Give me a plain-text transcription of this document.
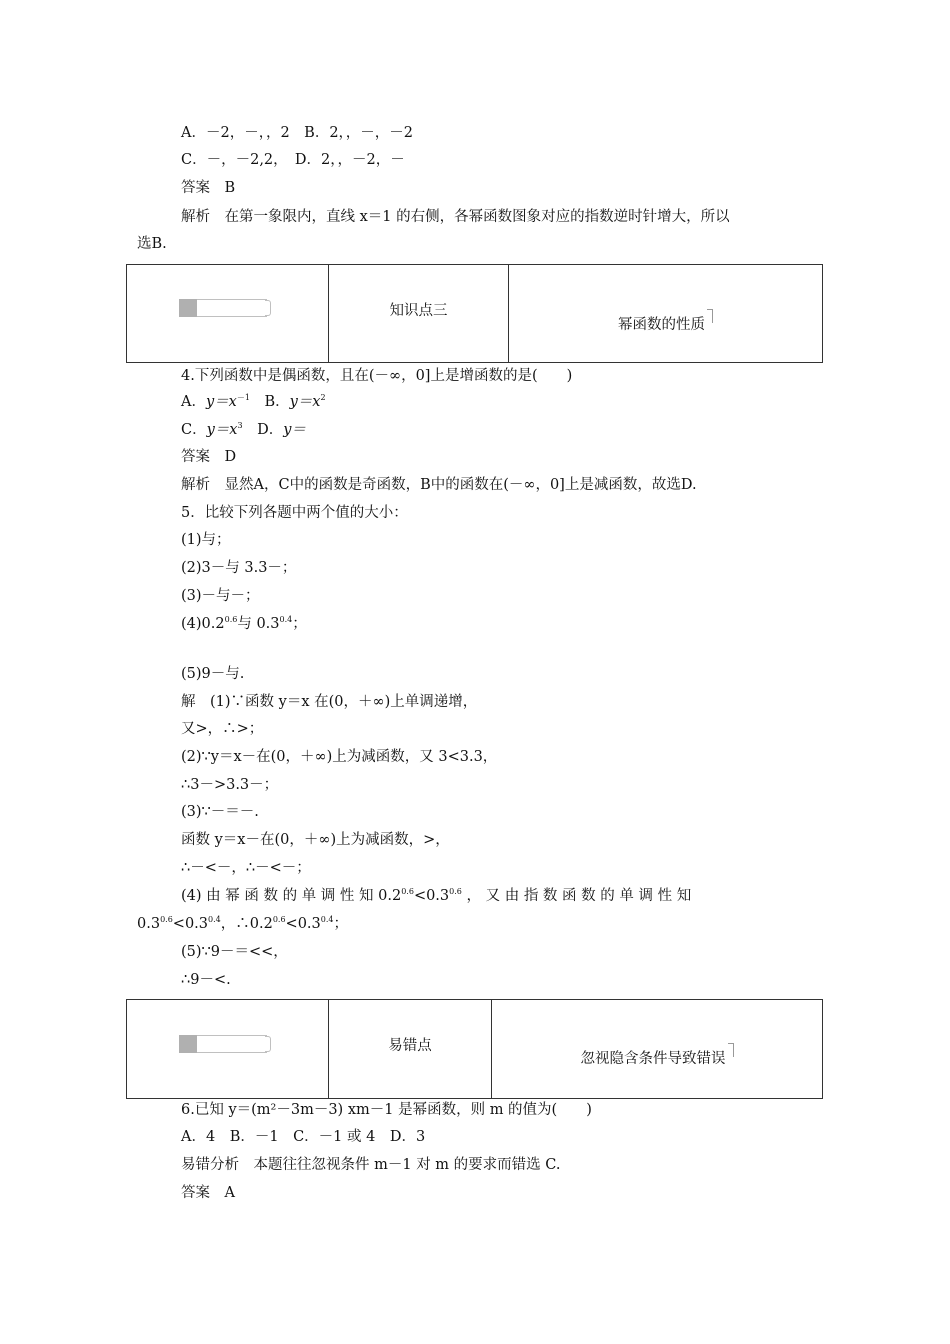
A．－2，－，，2　B．2，，－，－2
C．－，－2,2，　D．2，，－2，－
答案　B
解析　在第一象限内，直线 x＝1 的右侧，各幂函数图象对应的指数逆时针增大，所以
选B.
知识点三
幂函数的性质
4.下列函数中是偶函数，且在(－∞，0]上是增函数的是(　　)
A．$y=x^{-1}$　B．$y=x^2$
C．$y=x^3$　D．y＝
答案　D
解析　显然A，C中的函数是奇函数，B中的函数在(－∞，0]上是减函数，故选D.
5．比较下列各题中两个值的大小：
(1)与；
(2)3－与 3.3－；
(3)－与－；
$(4)0.2^{0.6}$与 $0.3^{0.4}$；
(5)9－与.
解　(1)∵函数 y＝x 在(0，＋∞)上单调递增，
又>，∴>；
(2)∵y＝x－在(0，＋∞)上为减函数，又 3<3.3，
∴3－>3.3－；
(3)∵－＝－.
函数 y＝x－在(0，＋∞)上为减函数，>，
∴－<－，∴－<－；
(4) 由 幂 函 数 的 单 调 性 知 $0.2^{0.6}<0.3^{0.6}$ ， 又 由 指 数 函 数 的 单 调 性 知
$0.3^{0.6}<0.3^{0.4}$，$\therefore 0.2^{0.6}<0.3^{0.4}$；
(5)∵9－＝<<，
∴9－<.
易错点
忽视隐含条件导致错误
6.已知 y＝(m²－3m－3) xm－1 是幂函数，则 m 的值为(　　)
A．4　B．－1　C．－1 或 4　D．3
易错分析　本题往往忽视条件 m－1 对 m 的要求而错选 C.
答案　A
